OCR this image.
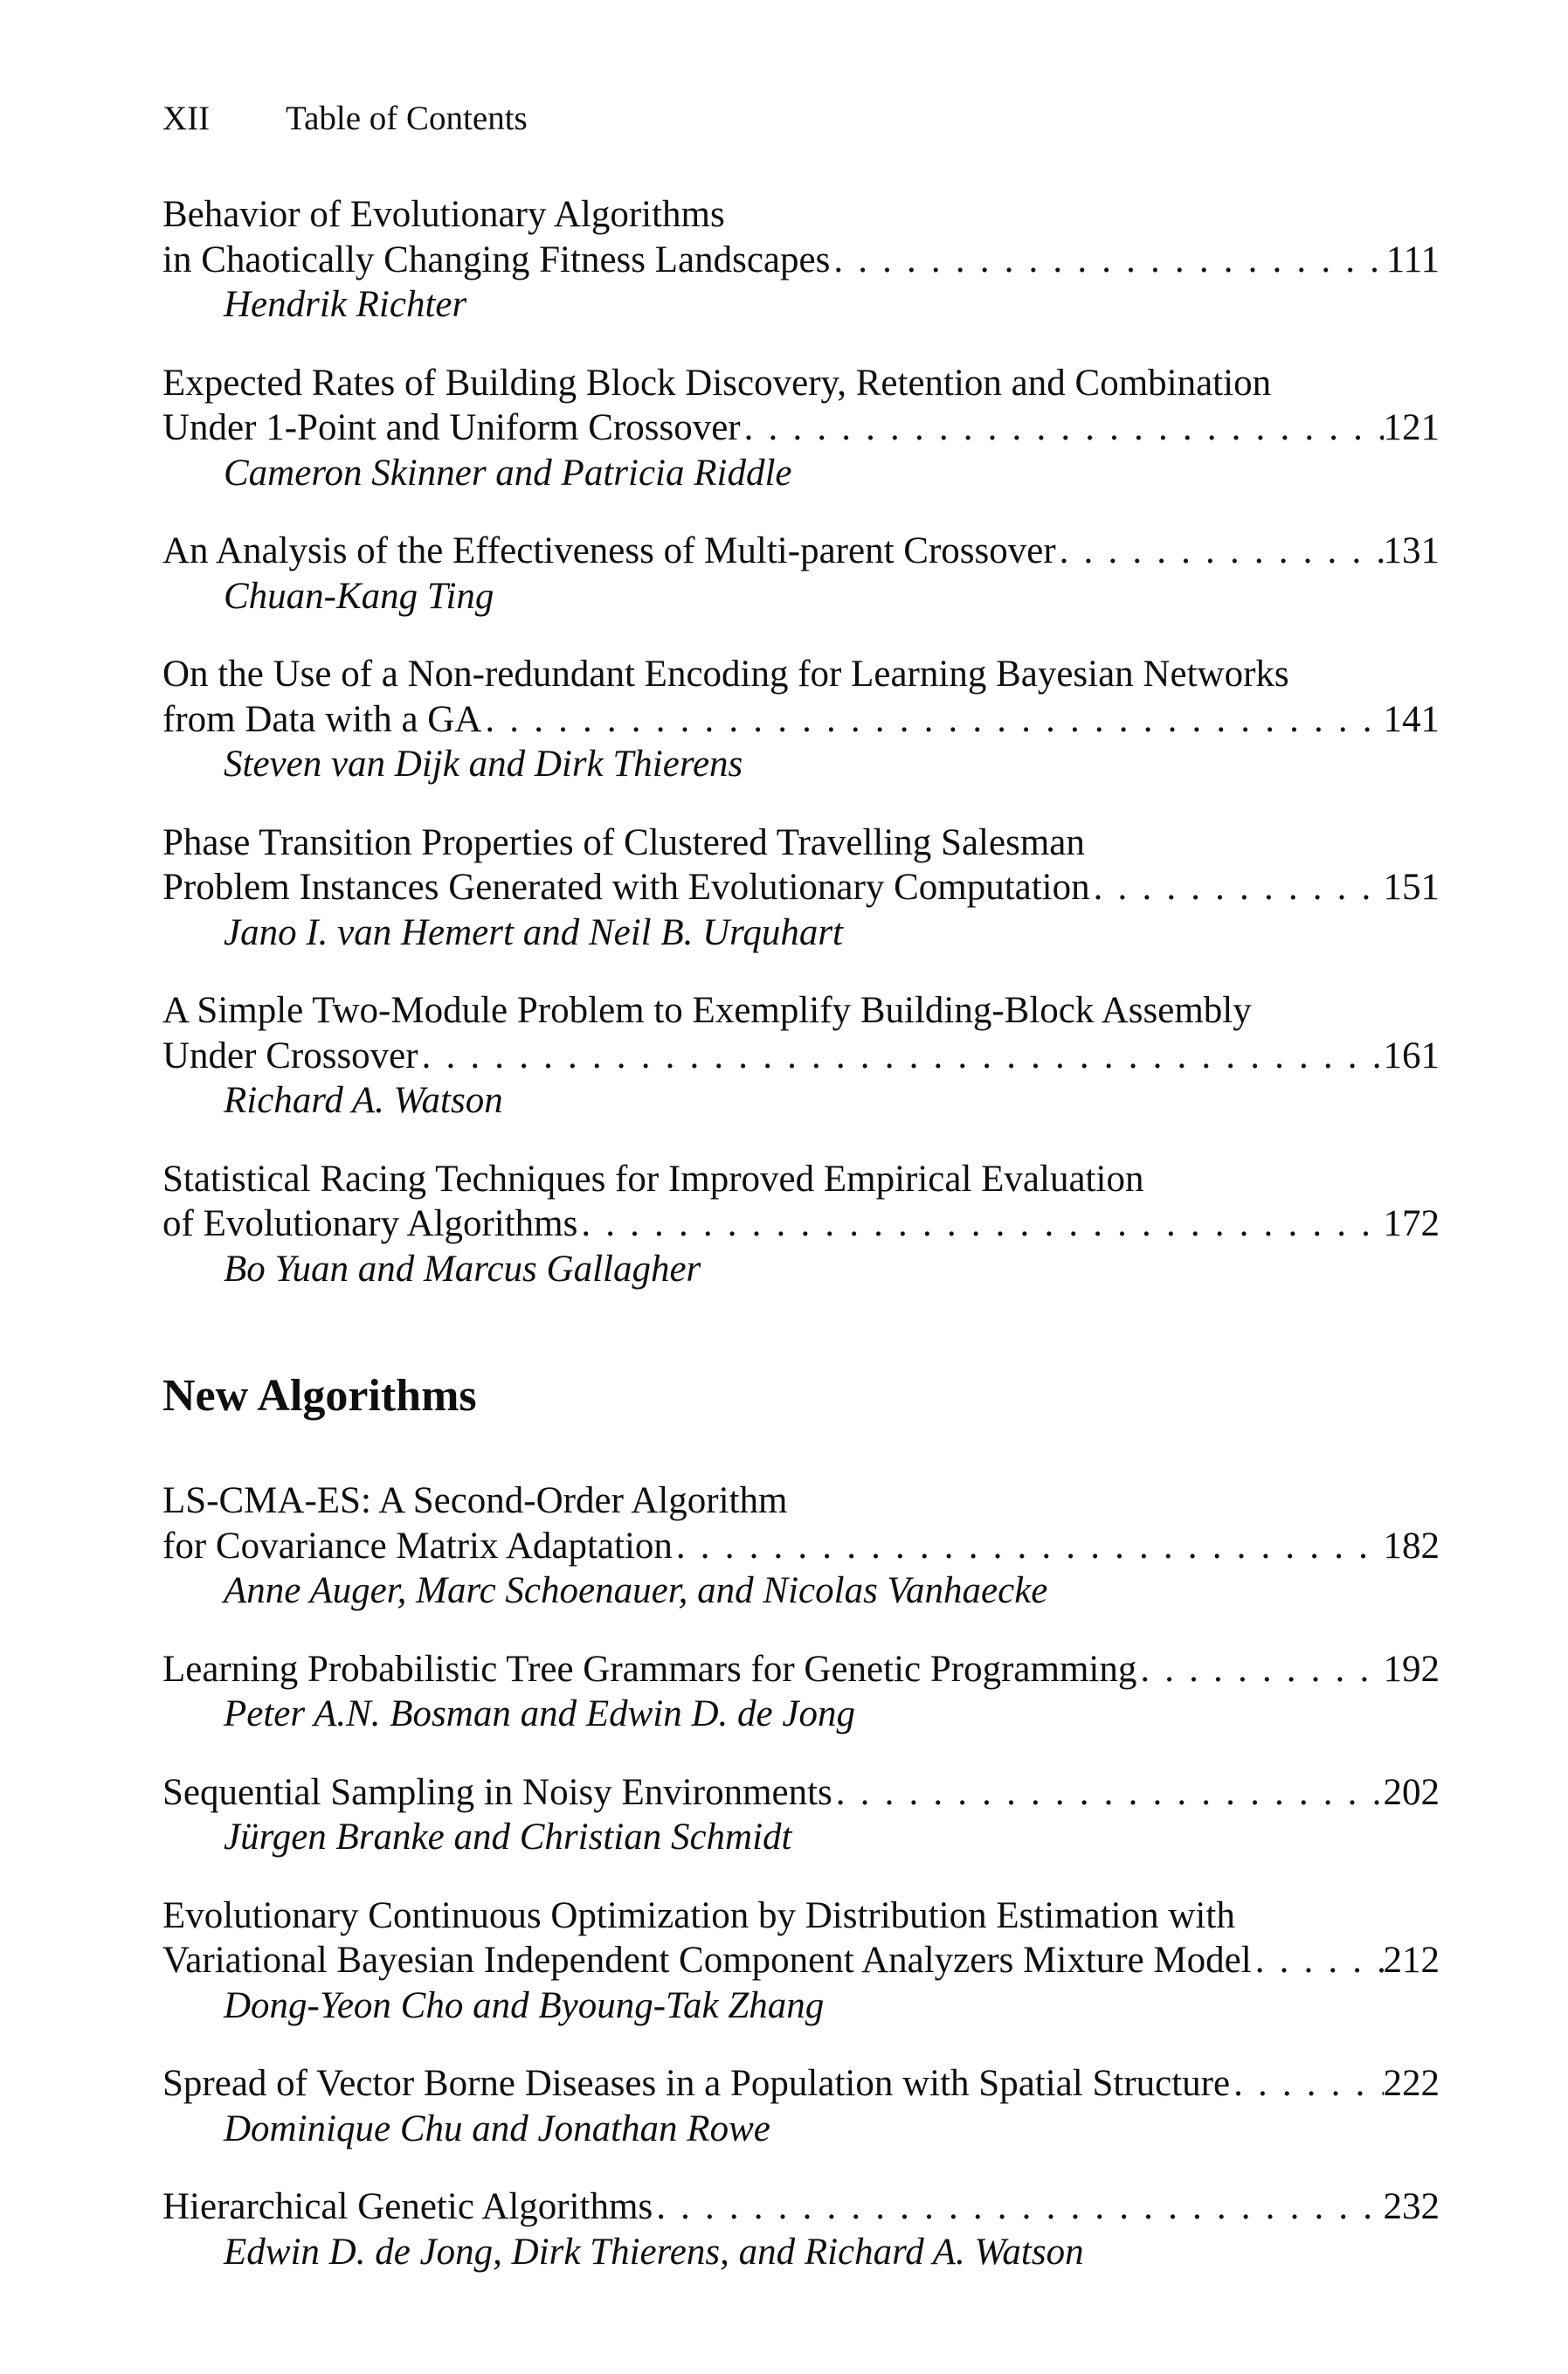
XII Table of Contents
Behavior of Evolutionary Algorithms
in Chaotically Changing Fitness Landscapes . . .	111
Hendrik Richter
Expected Rates of Building Block Discovery, Retention and Combination
Under 1-Point and Uniform Crossover . . .	121
Cameron Skinner and Patricia Riddle
An Analysis of the Effectiveness of Multi-parent Crossover . . .	131
Chuan-Kang Ting
On the Use of a Non-redundant Encoding for Learning Bayesian Networks
from Data with a GA . . .	141
Steven van Dijk and Dirk Thierens
Phase Transition Properties of Clustered Travelling Salesman
Problem Instances Generated with Evolutionary Computation . . .	151
Jano I. van Hemert and Neil B. Urquhart
A Simple Two-Module Problem to Exemplify Building-Block Assembly
Under Crossover . . .	161
Richard A. Watson
Statistical Racing Techniques for Improved Empirical Evaluation
of Evolutionary Algorithms . . .	172
Bo Yuan and Marcus Gallagher
New Algorithms
LS-CMA-ES: A Second-Order Algorithm
for Covariance Matrix Adaptation . . .	182
Anne Auger, Marc Schoenauer, and Nicolas Vanhaecke
Learning Probabilistic Tree Grammars for Genetic Programming . . .	192
Peter A.N. Bosman and Edwin D. de Jong
Sequential Sampling in Noisy Environments . . .	202
Jürgen Branke and Christian Schmidt
Evolutionary Continuous Optimization by Distribution Estimation with
Variational Bayesian Independent Component Analyzers Mixture Model . . .	212
Dong-Yeon Cho and Byoung-Tak Zhang
Spread of Vector Borne Diseases in a Population with Spatial Structure . . .	222
Dominique Chu and Jonathan Rowe
Hierarchical Genetic Algorithms . . .	232
Edwin D. de Jong, Dirk Thierens, and Richard A. Watson
